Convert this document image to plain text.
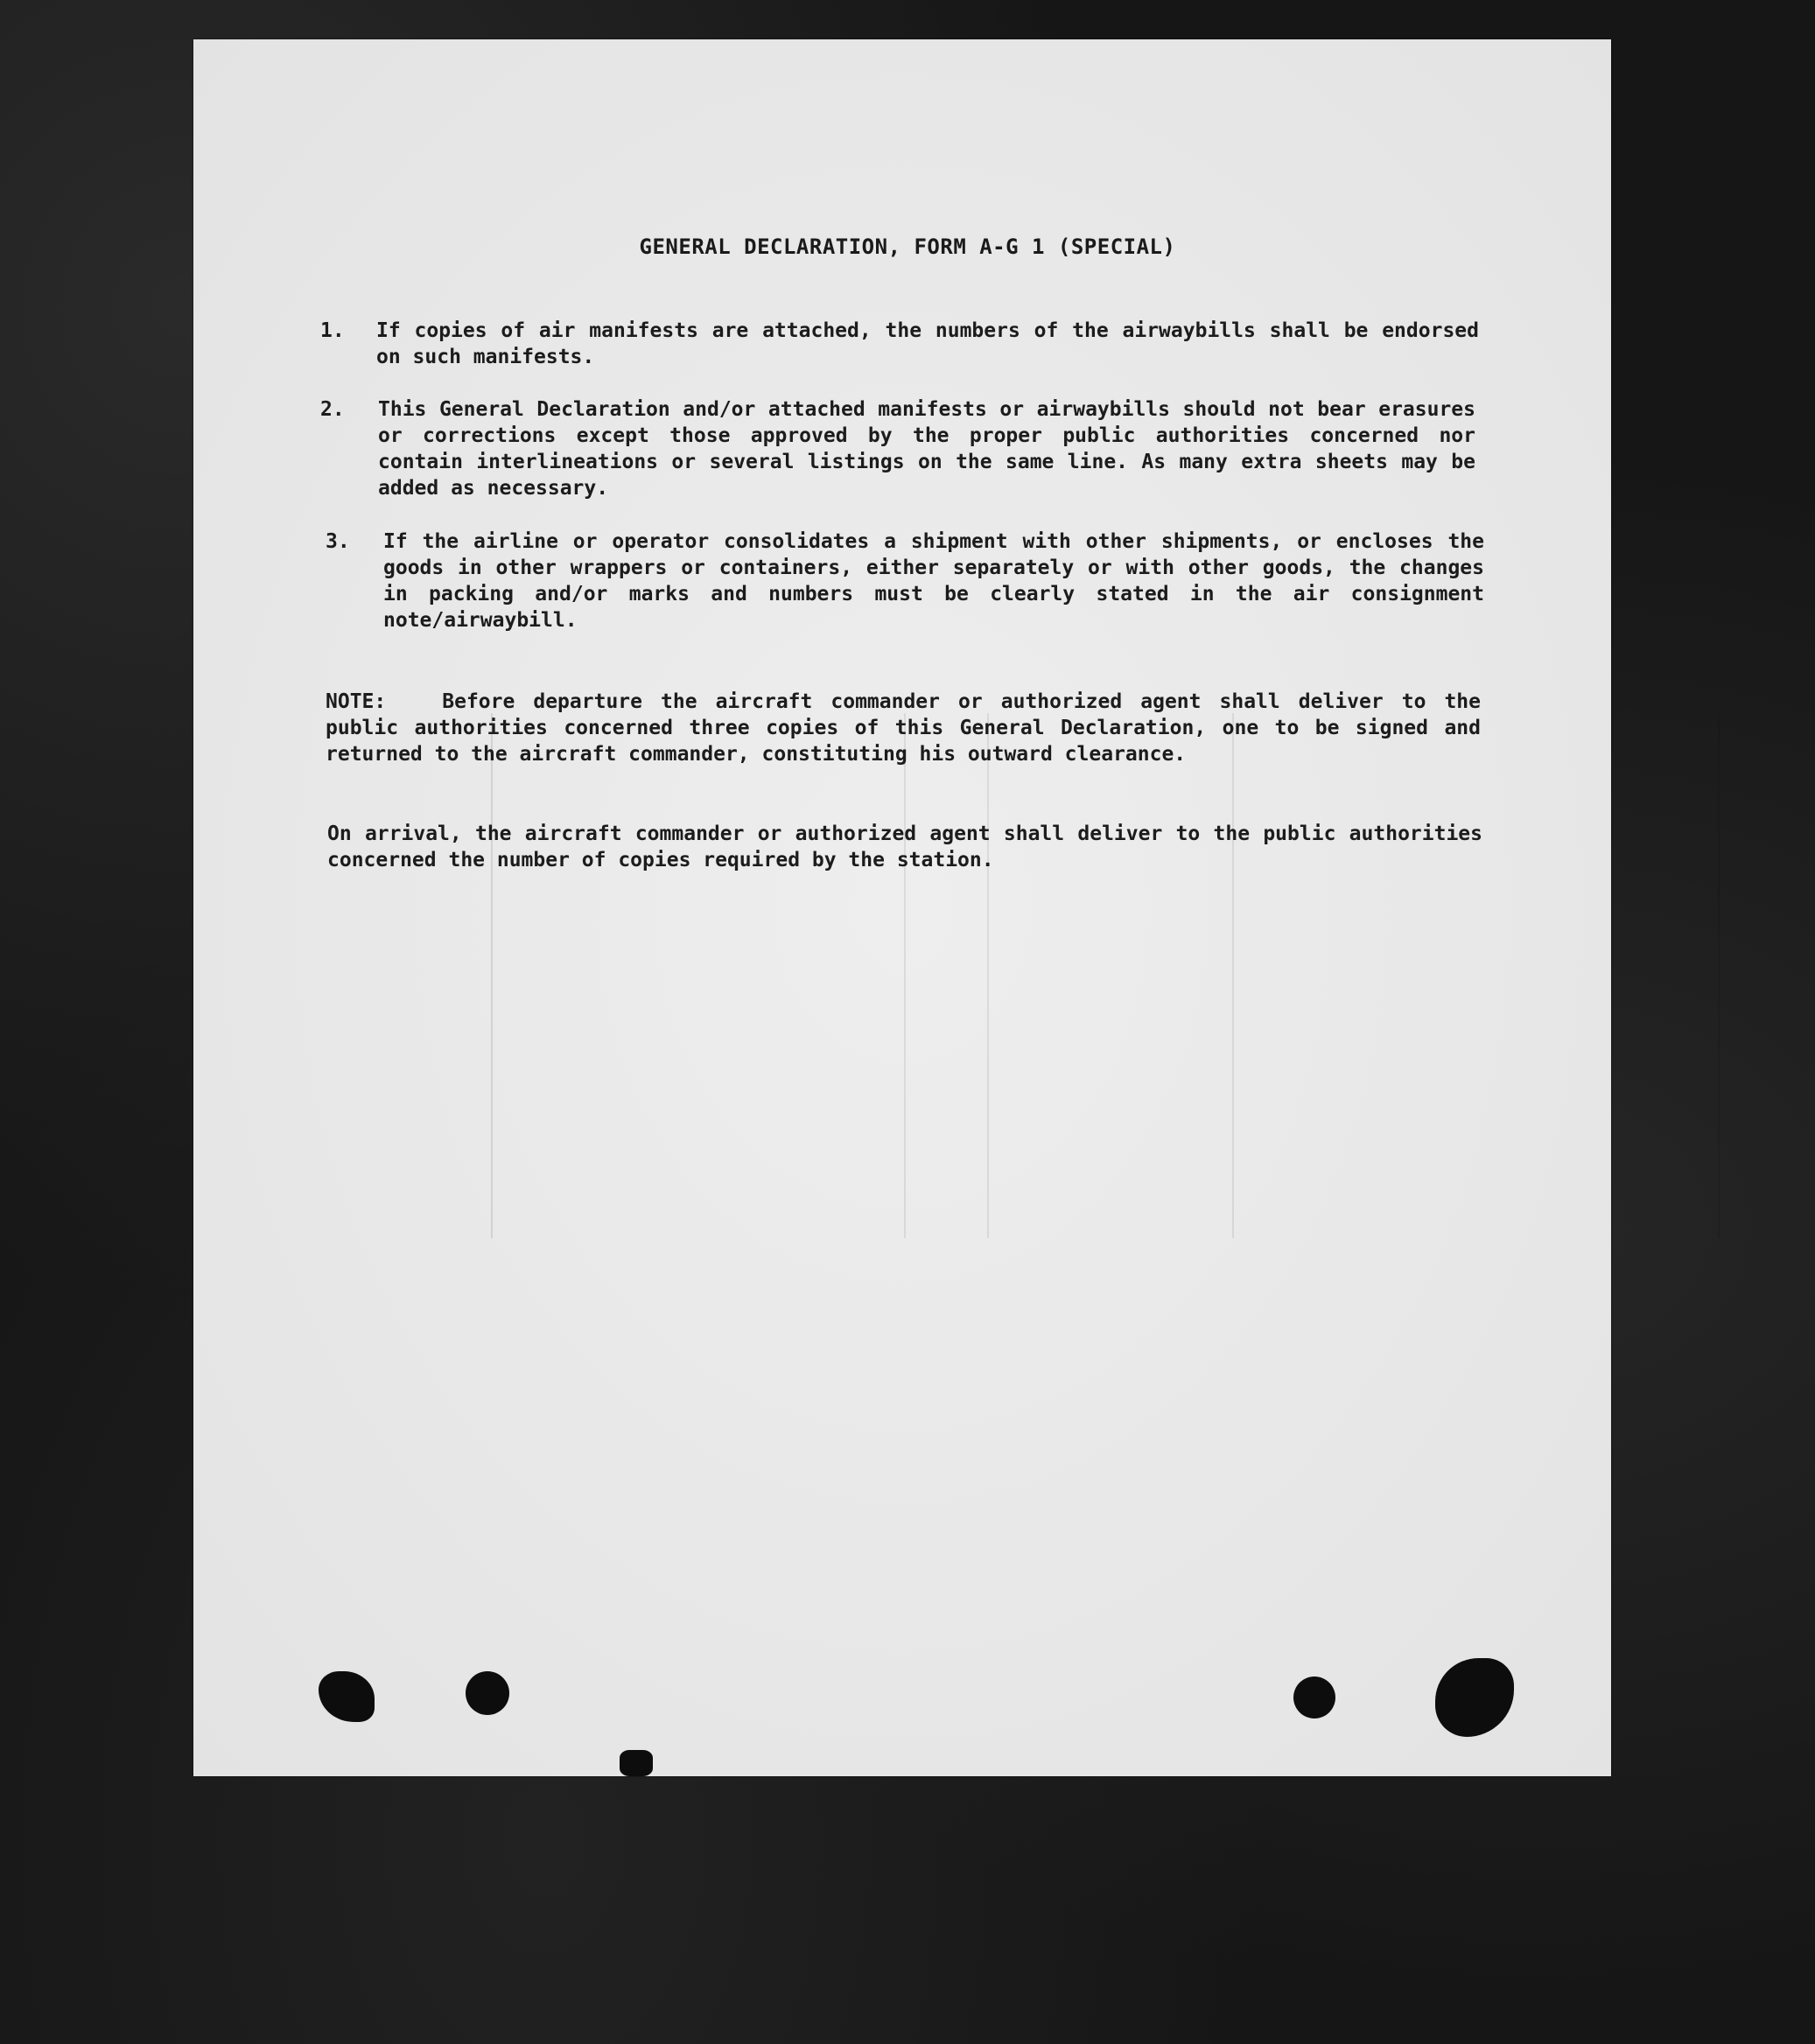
GENERAL DECLARATION, FORM A-G 1 (SPECIAL)
1. If copies of air manifests are attached, the numbers of the airwaybills shall be endorsed on such manifests.

2. This General Declaration and/or attached manifests or airwaybills should not bear erasures or corrections except those approved by the proper public authorities concerned nor contain interlineations or several listings on the same line. As many extra sheets may be added as necessary.

3. If the airline or operator consolidates a shipment with other shipments, or encloses the goods in other wrappers or containers, either separately or with other goods, the changes in packing and/or marks and numbers must be clearly stated in the air consignment note/airwaybill.

NOTE:	Before departure the aircraft commander or authorized agent shall deliver to the public authorities concerned three copies of this General Declaration, one to be signed and returned to the aircraft commander, constituting his outward clearance.

On arrival, the aircraft commander or authorized agent shall deliver to the public authorities concerned the number of copies required by the station.
